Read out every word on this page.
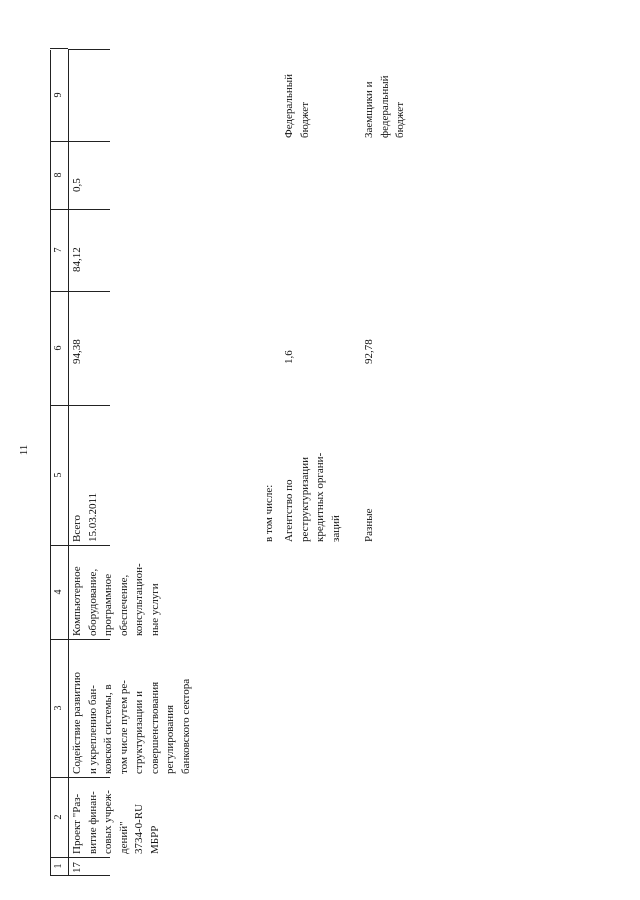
11
1
2
3
4
5
6
7
8
9
17
Проект "Раз-
витие финан-
совых учреж-
дений"
3734-0-RU
МБРР
Содействие развитию
и укреплению бан-
ковской системы, в
том числе путем ре-
структуризации и
совершенствования
регулирования
банковского сектора
Компьютерное
оборудование,
программное
обеспечение,
консультацион-
ные услуги
Всего
15.03.2011
94,38
84,12
0,5
в том числе: Агентство по
реструктуризации
кредитных органи-
заций
1,6
Федеральный
бюджет
Разные
92,78
Заемщики и
федеральный
бюджет
